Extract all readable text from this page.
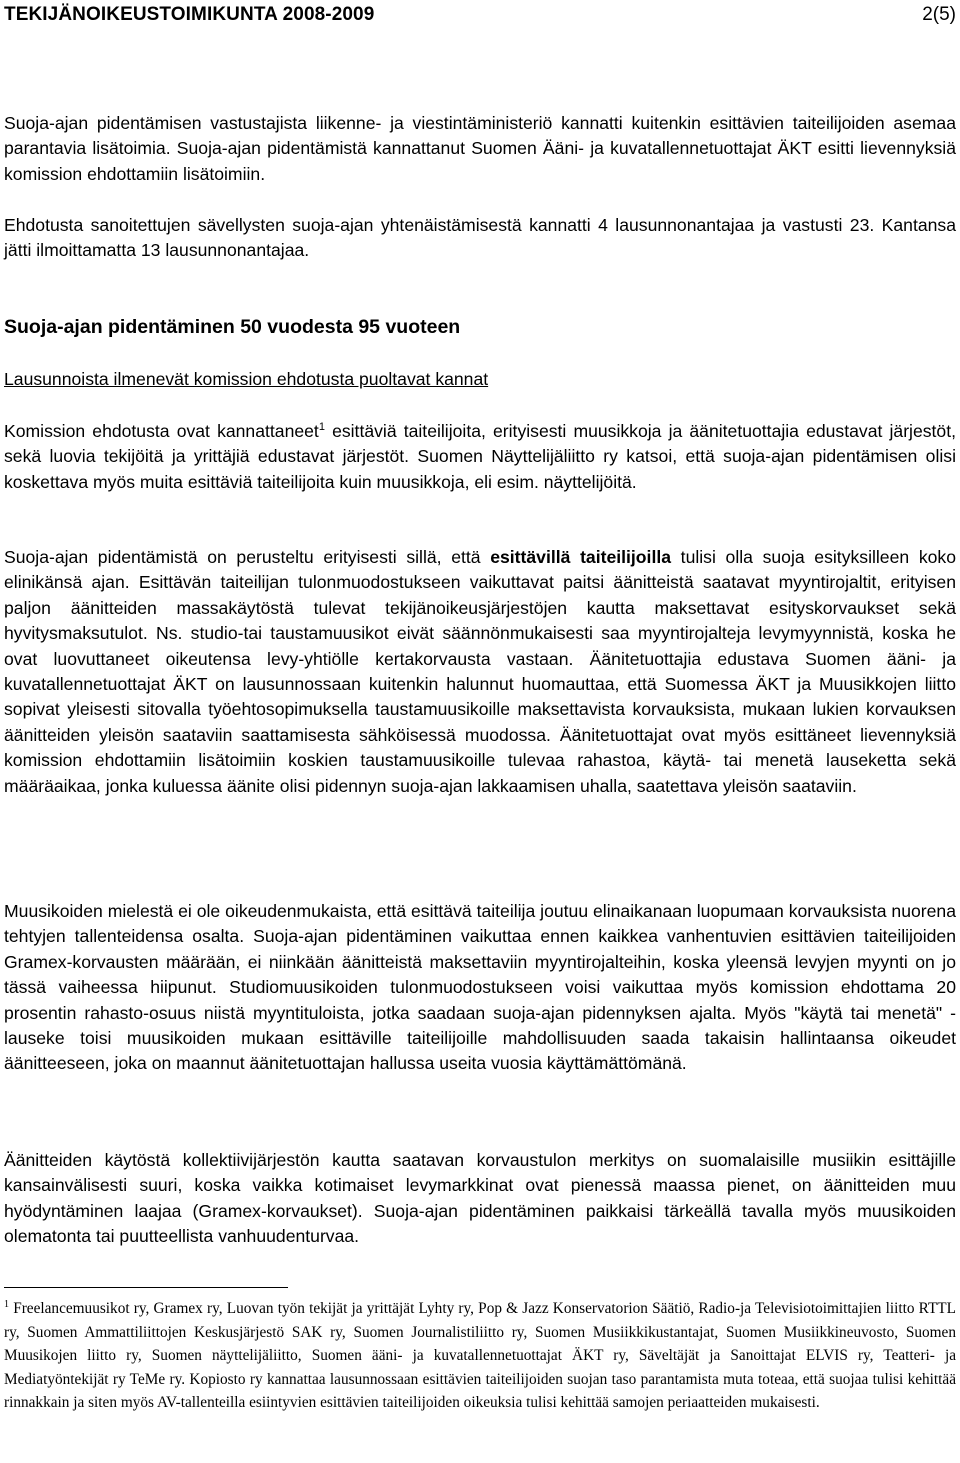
TEKIJÄNOIKEUSTOIMIKUNTA 2008-2009	2(5)

Suoja-ajan pidentämisen vastustajista liikenne- ja viestintäministeriö kannatti kuitenkin esittävien taiteilijoiden asemaa parantavia lisätoimia. Suoja-ajan pidentämistä kannattanut Suomen Ääni- ja kuvatallennetuottajat ÄKT esitti lievennyksiä komission ehdottamiin lisätoimiin.

Ehdotusta sanoitettujen sävellysten suoja-ajan yhtenäistämisestä kannatti 4 lausunnonantajaa ja vastusti 23. Kantansa jätti ilmoittamatta 13 lausunnonantajaa.

Suoja-ajan pidentäminen 50 vuodesta 95 vuoteen
Lausunnoista ilmenevät komission ehdotusta puoltavat kannat

Komission ehdotusta ovat kannattaneet$^1$ esittäviä taiteilijoita, erityisesti muusikkoja ja äänitetuottajia edustavat järjestöt, sekä luovia tekijöitä ja yrittäjiä edustavat järjestöt. Suomen Näyttelijäliitto ry katsoi, että suoja-ajan pidentämisen olisi koskettava myös muita esittäviä taiteilijoita kuin muusikkoja, eli esim. näyttelijöitä.

Suoja-ajan pidentämistä on perusteltu erityisesti sillä, että esittävillä taiteilijoilla tulisi olla suoja esityksilleen koko elinikänsä ajan. Esittävän taiteilijan tulonmuodostukseen vaikuttavat paitsi äänitteistä saatavat myyntirojaltit, erityisen paljon äänitteiden massakäytöstä tulevat tekijänoikeusjärjestöjen kautta maksettavat esityskorvaukset sekä hyvitysmaksutulot. Ns. studio-tai taustamuusikot eivät säännönmukaisesti saa myyntirojalteja levymyynnistä, koska he ovat luovuttaneet oikeutensa levy-yhtiölle kertakorvausta vastaan. Äänitetuottajia edustava Suomen ääni- ja kuvatallennetuottajat ÄKT on lausunnossaan kuitenkin halunnut huomauttaa, että Suomessa ÄKT ja Muusikkojen liitto sopivat yleisesti sitovalla työehtosopimuksella taustamuusikoille maksettavista korvauksista, mukaan lukien korvauksen äänitteiden yleisön saataviin saattamisesta sähköisessä muodossa. Äänitetuottajat ovat myös esittäneet lievennyksiä komission ehdottamiin lisätoimiin koskien taustamuusikoille tulevaa rahastoa, käytä- tai menetä lauseketta sekä määräaikaa, jonka kuluessa äänite olisi pidennyn suoja-ajan lakkaamisen uhalla, saatettava yleisön saataviin.

Muusikoiden mielestä ei ole oikeudenmukaista, että esittävä taiteilija joutuu elinaikanaan luopumaan korvauksista nuorena tehtyjen tallenteidensa osalta. Suoja-ajan pidentäminen vaikuttaa ennen kaikkea vanhentuvien esittävien taiteilijoiden Gramex-korvausten määrään, ei niinkään äänitteistä maksettaviin myyntirojalteihin, koska yleensä levyjen myynti on jo tässä vaiheessa hiipunut. Studiomuusikoiden tulonmuodostukseen voisi vaikuttaa myös komission ehdottama 20 prosentin rahasto-osuus niistä myyntituloista, jotka saadaan suoja-ajan pidennyksen ajalta. Myös "käytä tai menetä" - lauseke toisi muusikoiden mukaan esittäville taiteilijoille mahdollisuuden saada takaisin hallintaansa oikeudet äänitteeseen, joka on maannut äänitetuottajan hallussa useita vuosia käyttämättömänä.

Äänitteiden käytöstä kollektiivijärjestön kautta saatavan korvaustulon merkitys on suomalaisille musiikin esittäjille kansainvälisesti suuri, koska vaikka kotimaiset levymarkkinat ovat pienessä maassa pienet, on äänitteiden muu hyödyntäminen laajaa (Gramex-korvaukset). Suoja-ajan pidentäminen paikkaisi tärkeällä tavalla myös muusikoiden olematonta tai puutteellista vanhuudenturvaa.

$^1$ Freelancemuusikot ry, Gramex ry, Luovan työn tekijät ja yrittäjät Lyhty ry, Pop & Jazz Konservatorion Säätiö, Radio-ja Televisiotoimittajien liitto RTTL ry, Suomen Ammattiliittojen Keskusjärjestö SAK ry, Suomen Journalistiliitto ry, Suomen Musiikkikustantajat, Suomen Musiikkineuvosto, Suomen Muusikojen liitto ry, Suomen näyttelijäliitto, Suomen ääni- ja kuvatallennetuottajat ÄKT ry, Säveltäjät ja Sanoittajat ELVIS ry, Teatteri- ja Mediatyöntekijät ry TeMe ry. Kopiosto ry kannattaa lausunnossaan esittävien taiteilijoiden suojan taso parantamista muta toteaa, että suojaa tulisi kehittää rinnakkain ja siten myös AV-tallenteilla esiintyvien esittävien taiteilijoiden oikeuksia tulisi kehittää samojen periaatteiden mukaisesti.
